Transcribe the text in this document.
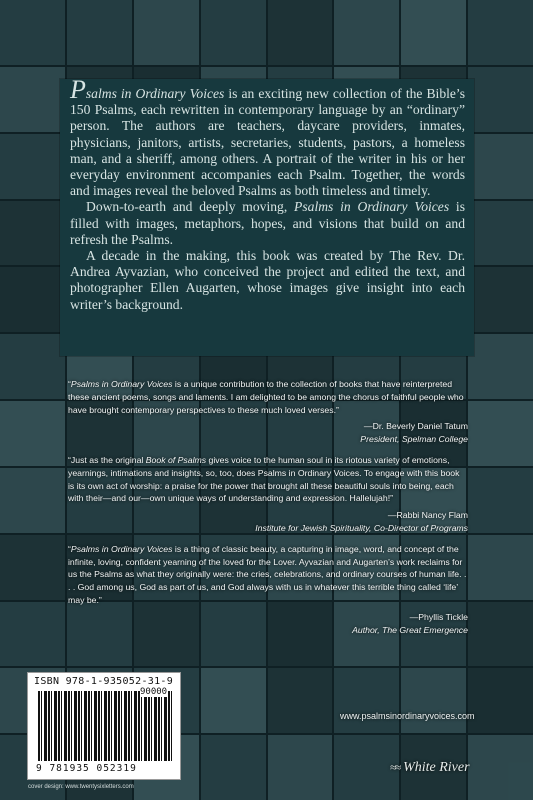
Psalms in Ordinary Voices is an exciting new collection of the Bible’s 150 Psalms, each rewritten in contemporary language by an “ordinary” person. The authors are teachers, daycare providers, inmates, physicians, janitors, artists, secretaries, students, pastors, a homeless man, and a sheriff, among others. A portrait of the writer in his or her everyday environment accompanies each Psalm. Together, the words and images reveal the beloved Psalms as both timeless and timely.

Down-to-earth and deeply moving, Psalms in Ordinary Voices is filled with images, metaphors, hopes, and visions that build on and refresh the Psalms.

A decade in the making, this book was created by The Rev. Dr. Andrea Ayvazian, who conceived the project and edited the text, and photographer Ellen Augarten, whose images give insight into each writer’s background.

“Psalms in Ordinary Voices is a unique contribution to the collection of books that have reinterpreted these ancient poems, songs and laments. I am delighted to be among the chorus of faithful people who have brought contemporary perspectives to these much loved verses.”

—Dr. Beverly Daniel Tatum
President, Spelman College

“Just as the original Book of Psalms gives voice to the human soul in its riotous variety of emotions, yearnings, intimations and insights, so, too, does Psalms in Ordinary Voices. To engage with this book is its own act of worship: a praise for the power that brought all these beautiful souls into being, each with their—and our—own unique ways of understanding and expression. Hallelujah!”

—Rabbi Nancy Flam
Institute for Jewish Spirituality, Co-Director of Programs

“Psalms in Ordinary Voices is a thing of classic beauty, a capturing in image, word, and concept of the infinite, loving, confident yearning of the loved for the Lover. Ayvazian and Augarten’s work reclaims for us the Psalms as what they originally were: the cries, celebrations, and ordinary courses of human life. . . . God among us, God as part of us, and God always with us in whatever this terrible thing called ‘life’ may be.”

—Phyllis Tickle
Author, The Great Emergence
ISBN 978-1-935052-31-9
90000
9 781935 052319
www.psalmsinordinaryvoices.com
≈≈ White River
cover design: www.twentysixletters.com
